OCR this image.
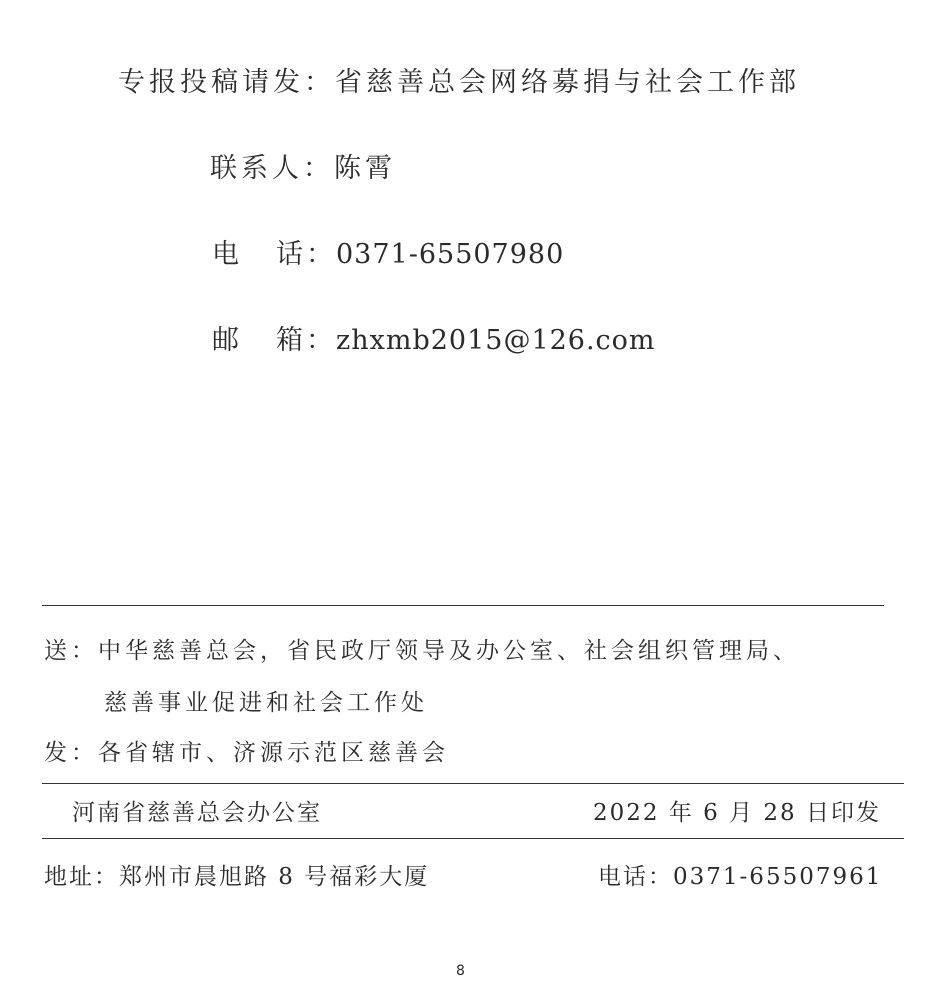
专报投稿请发：省慈善总会网络募捐与社会工作部
联系人：陈霄
电 话：0371-65507980
邮 箱：zhxmb2015@126.com
送：中华慈善总会，省民政厅领导及办公室、社会组织管理局、
慈善事业促进和社会工作处
发：各省辖市、济源示范区慈善会
河南省慈善总会办公室	2022 年 6 月 28 日印发
地址：郑州市晨旭路 8 号福彩大厦	电话：0371-65507961
8
